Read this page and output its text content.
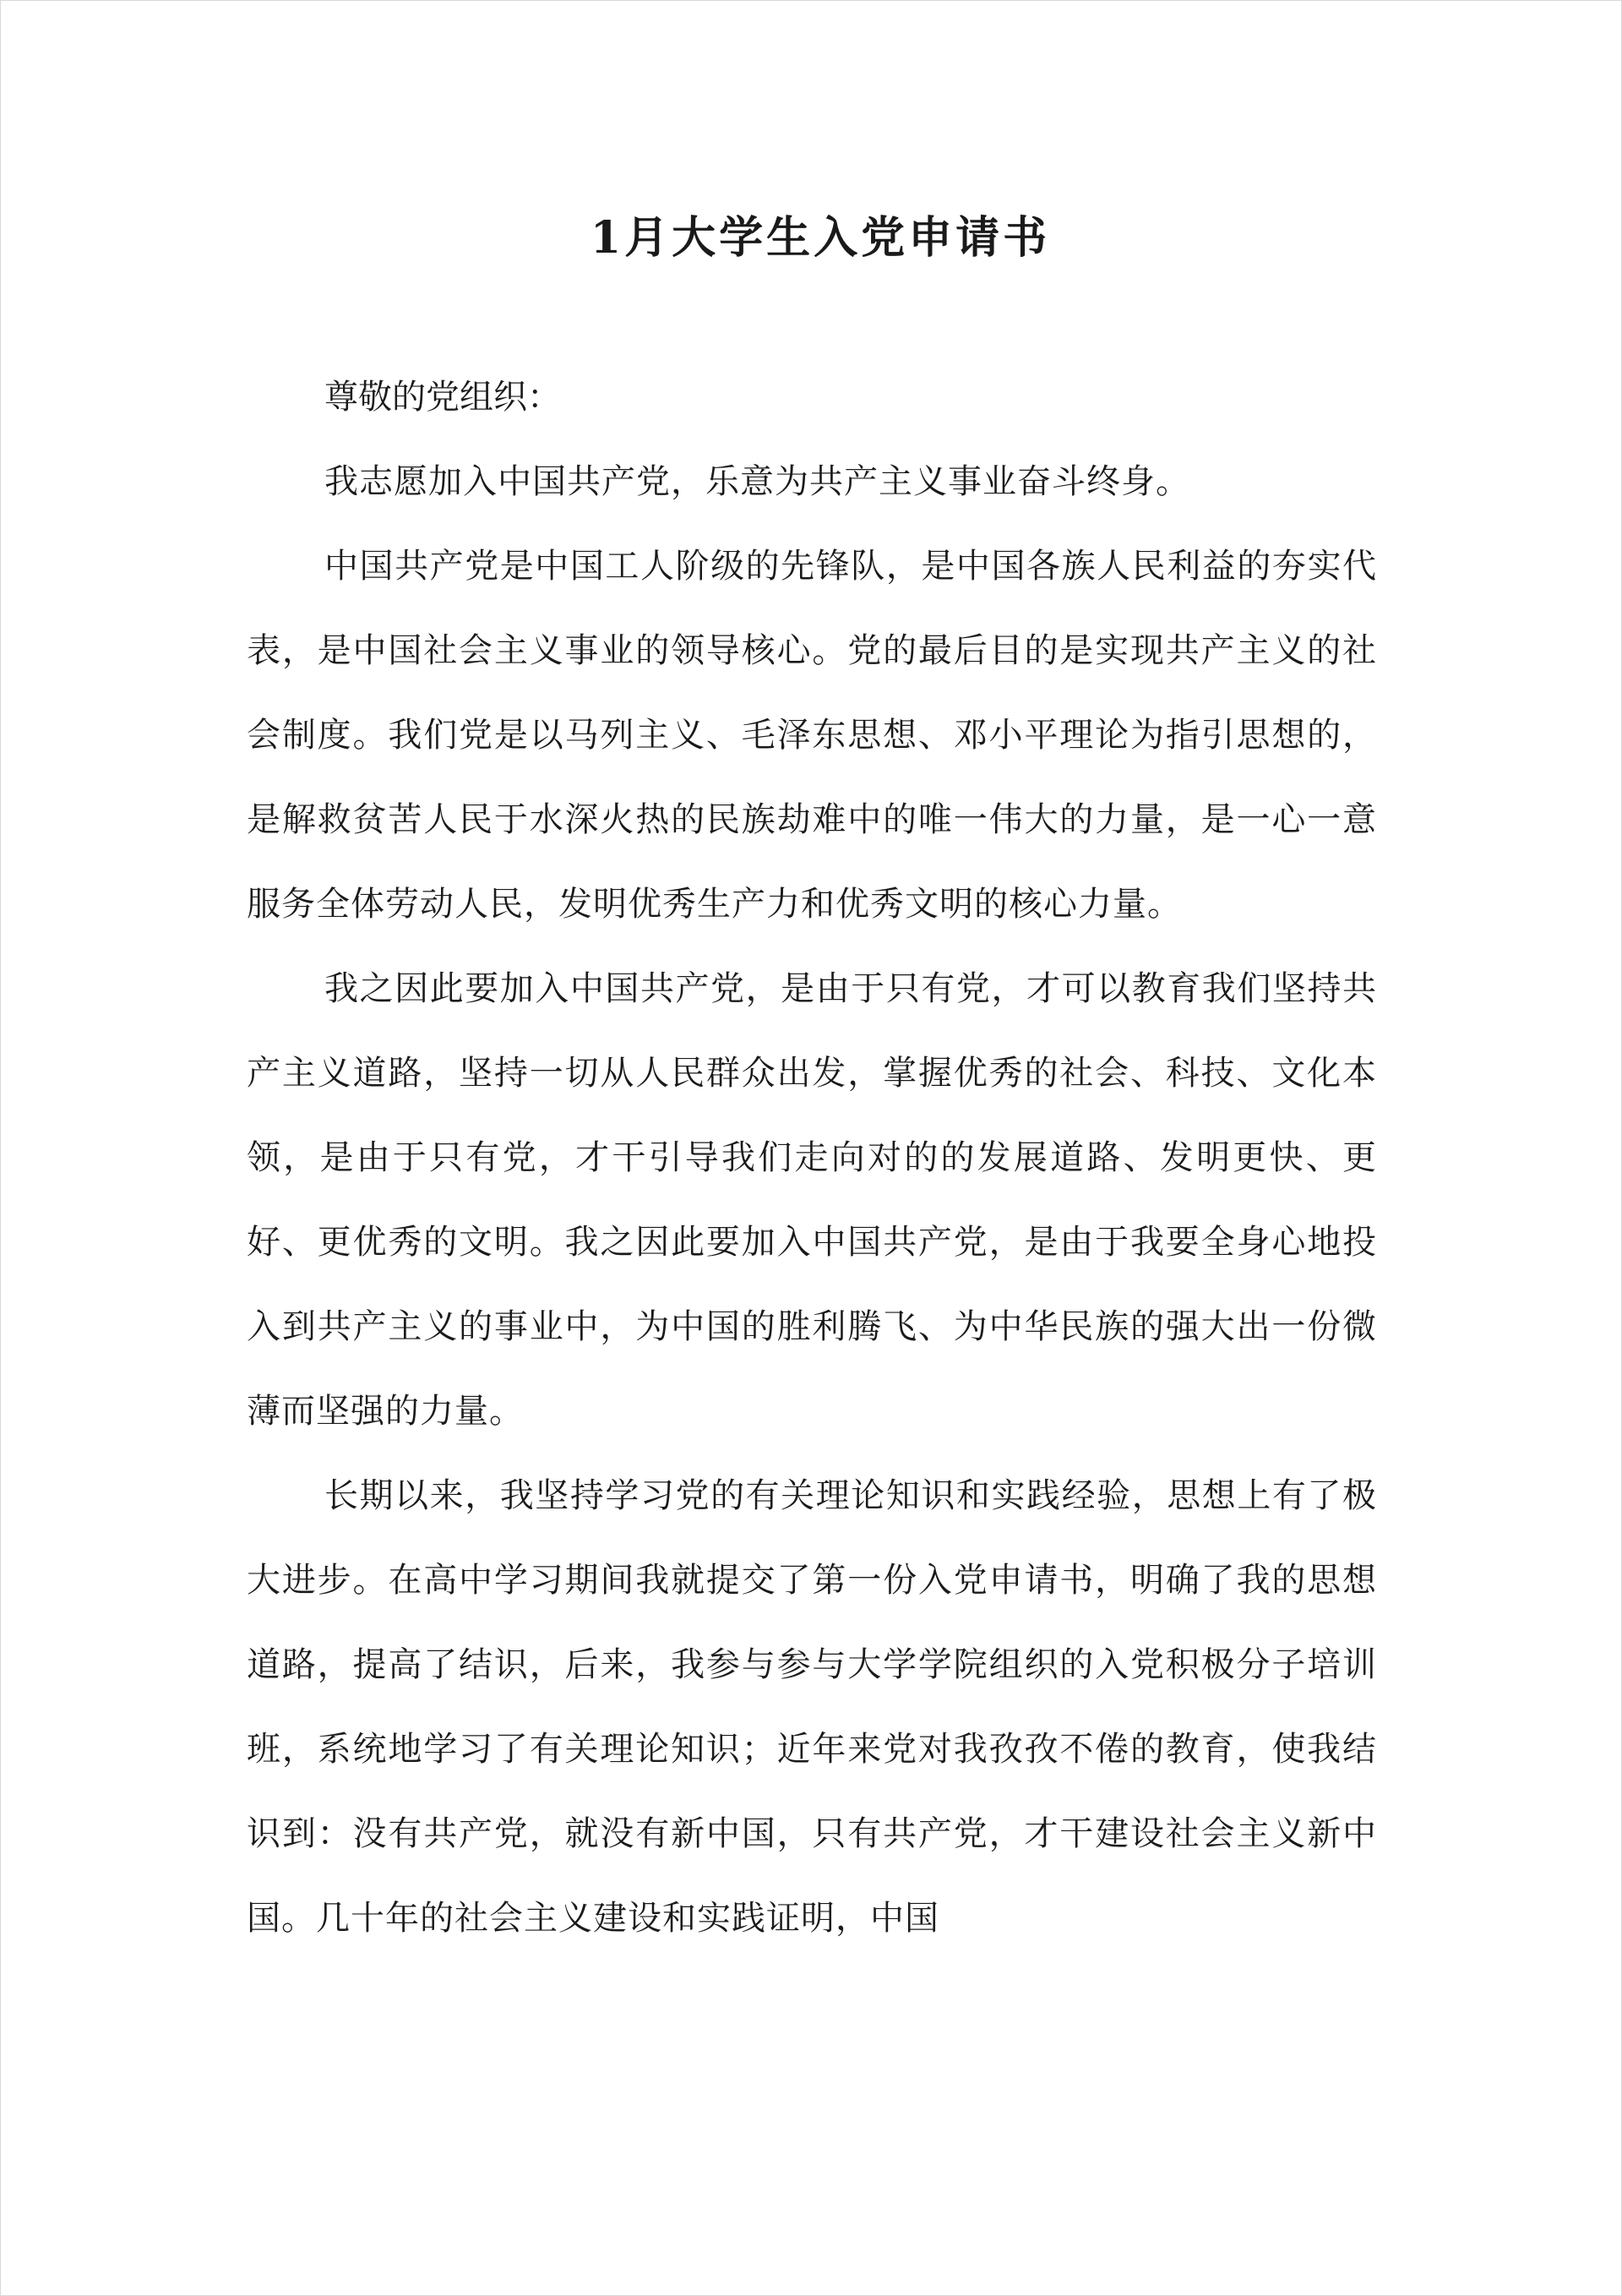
1月大学生入党申请书

尊敬的党组织：

我志愿加入中国共产党，乐意为共产主义事业奋斗终身。

中国共产党是中国工人阶级的先锋队，是中国各族人民利益的夯实代表，是中国社会主义事业的领导核心。党的最后目的是实现共产主义的社会制度。我们党是以马列主义、毛泽东思想、邓小平理论为指引思想的，是解救贫苦人民于水深火热的民族劫难中的唯一伟大的力量，是一心一意服务全体劳动人民，发明优秀生产力和优秀文明的核心力量。

我之因此要加入中国共产党，是由于只有党，才可以教育我们坚持共产主义道路，坚持一切从人民群众出发，掌握优秀的社会、科技、文化本领，是由于只有党，才干引导我们走向对的的发展道路、发明更快、更好、更优秀的文明。我之因此要加入中国共产党，是由于我要全身心地投入到共产主义的事业中，为中国的胜利腾飞、为中华民族的强大出一份微薄而坚强的力量。

长期以来，我坚持学习党的有关理论知识和实践经验，思想上有了极大进步。在高中学习期间我就提交了第一份入党申请书，明确了我的思想道路，提高了结识，后来，我参与参与大学学院组织的入党积极分子培训班，系统地学习了有关理论知识；近年来党对我孜孜不倦的教育，使我结识到：没有共产党，就没有新中国，只有共产党，才干建设社会主义新中国。几十年的社会主义建设和实践证明，中国
